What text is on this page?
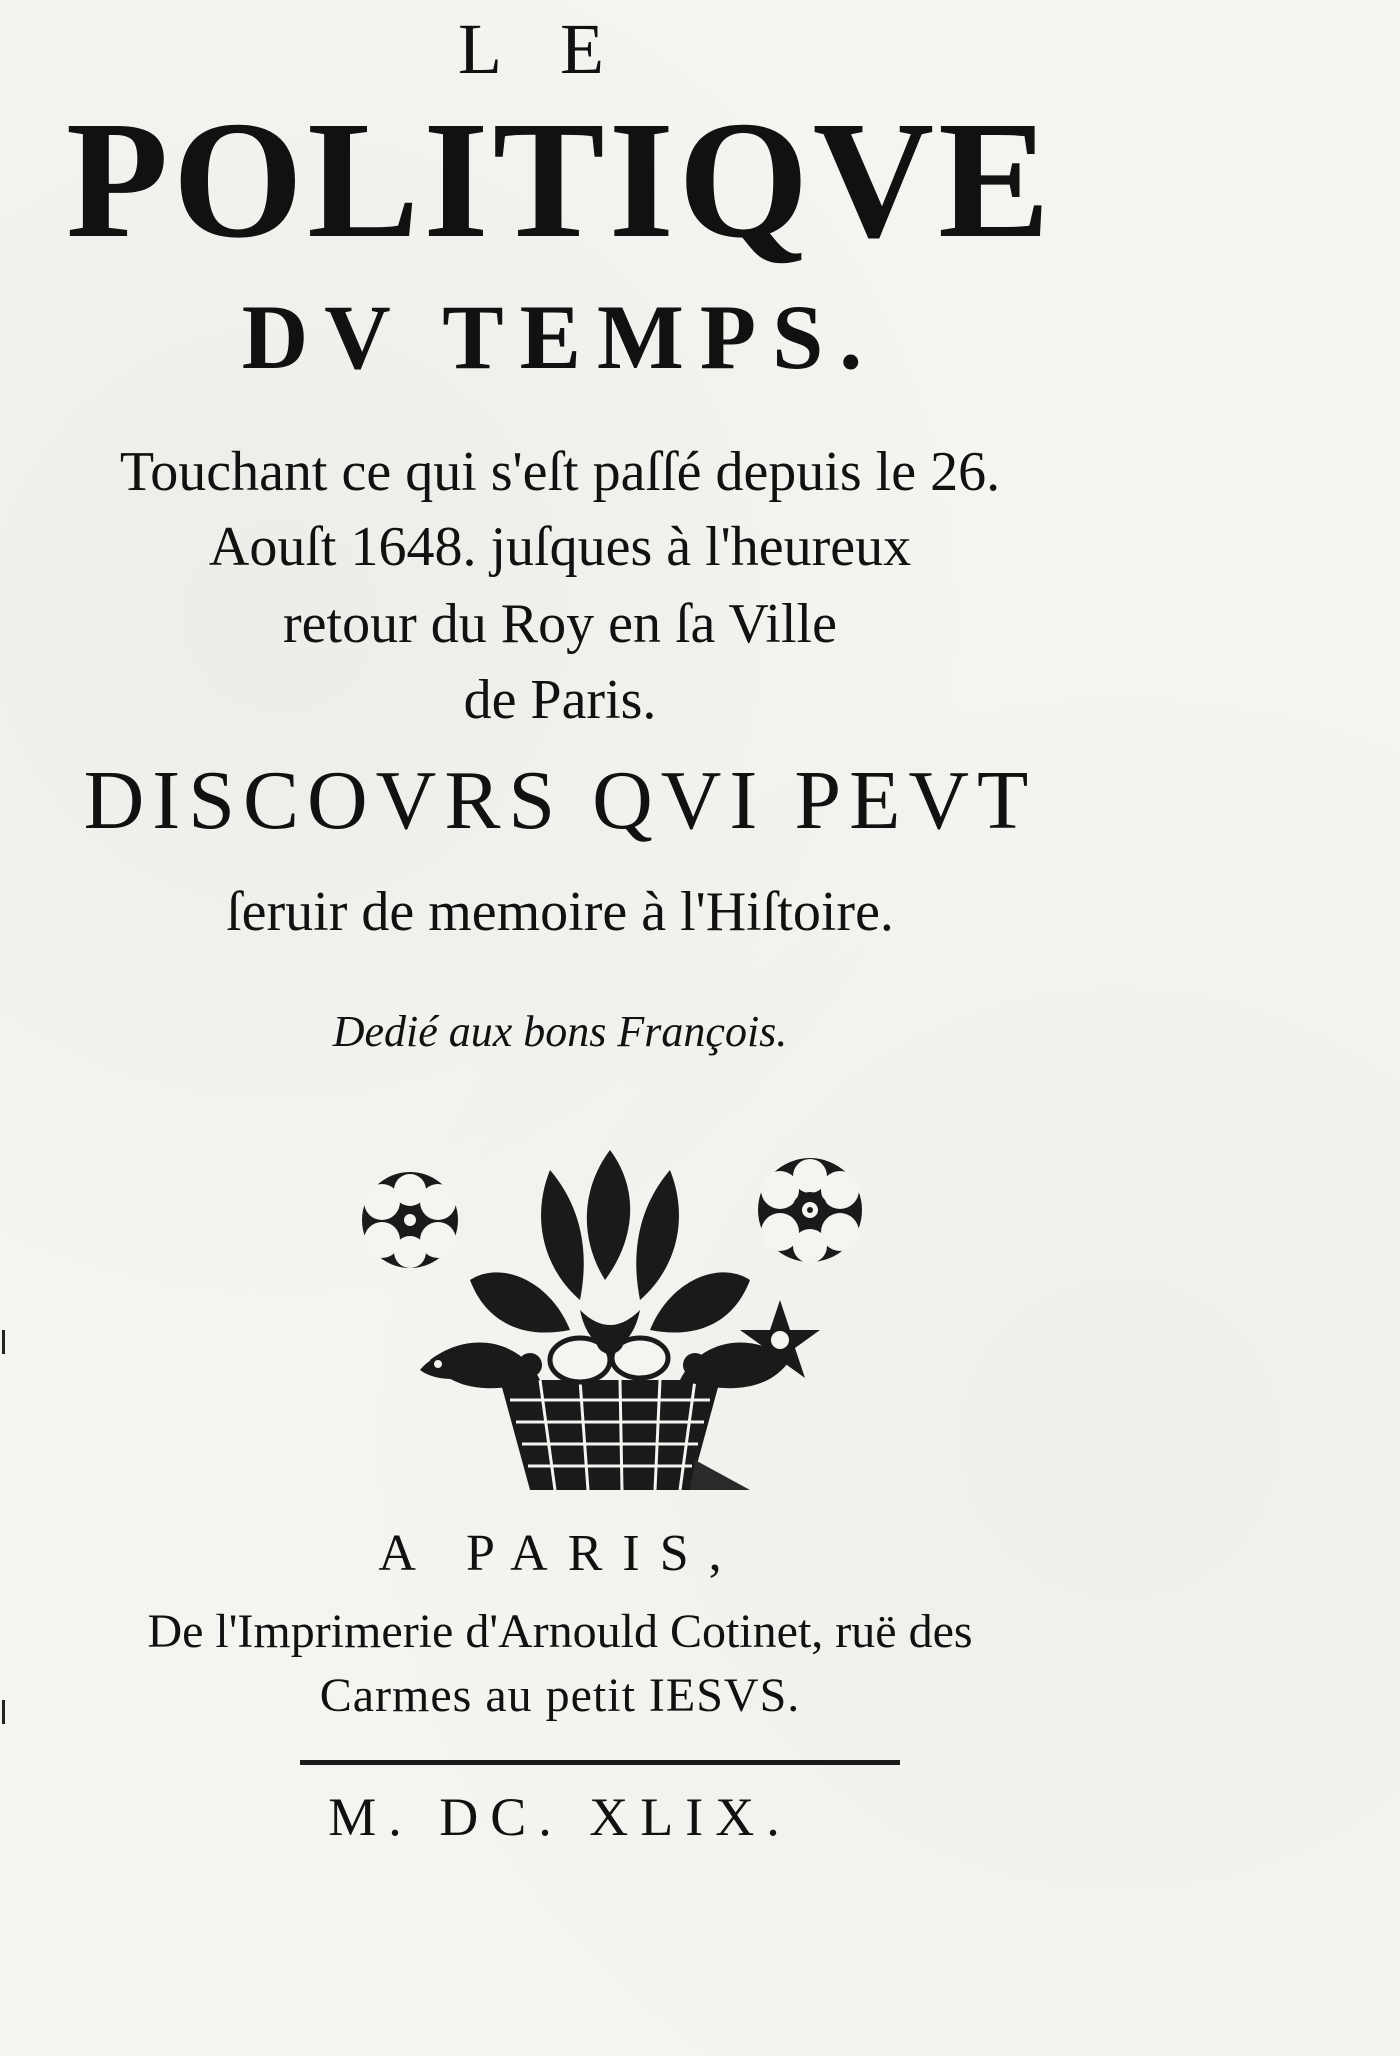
LE
POLITIQVE
DV TEMPS.
Touchant ce qui s'eſt paſſé depuis le 26.
Aouſt 1648. juſques à l'heureux
retour du Roy en ſa Ville
de Paris.
DISCOVRS QVI PEVT
ſeruir de memoire à l'Hiſtoire.
Dedié aux bons François.
A PARIS,
De l'Imprimerie d'Arnould Cotinet, ruë des
Carmes au petit IESVS.
M. DC. XLIX.
